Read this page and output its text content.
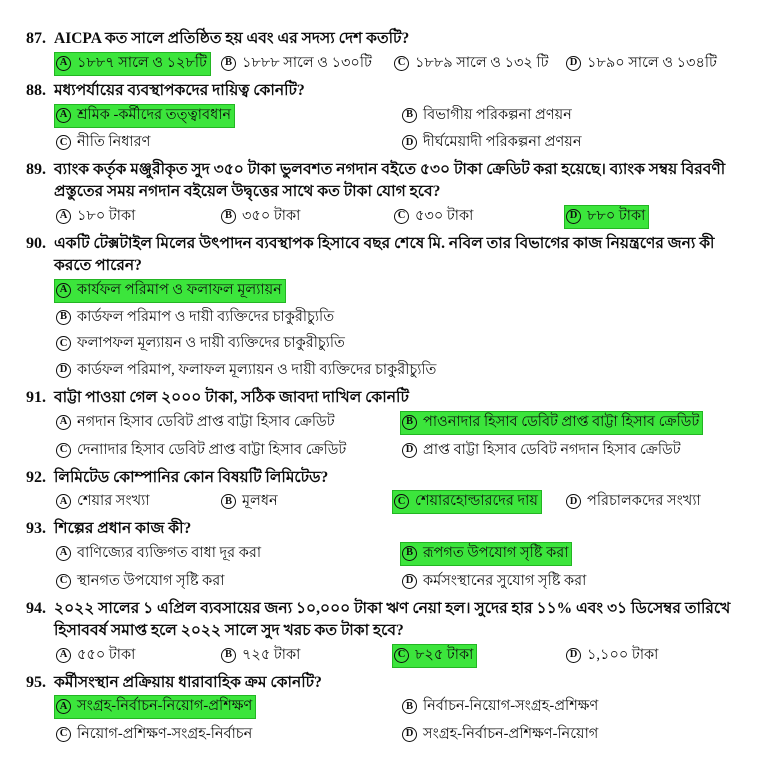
87. AICPA কত সালে প্রতিষ্ঠিত হয় এবং এর সদস্য দেশ কতটি?
A ১৮৮৭ সালে ও ১২৮টি	B ১৮৮৮ সালে ও ১৩০টি	C ১৮৮৯ সালে ও ১৩২ টি	D ১৮৯০ সালে ও ১৩৪টি
88. মধ্যপর্যায়ের ব্যবস্থাপকদের দায়িত্ব কোনটি?
A শ্রমিক -কর্মীদের তত্ত্বাবধান	B বিভাগীয় পরিকল্পনা প্রণয়ন
C নীতি নিধারণ	D দীর্ঘমেয়াদী পরিকল্পনা প্রণয়ন
89. ব্যাংক কর্তৃক মঞ্জুরীকৃত সুদ ৩৫০ টাকা ভুলবশত নগদান বইতে ৫৩০ টাকা ক্রেডিট করা হয়েছে। ব্যাংক সম্বয় বিরবণী প্রস্তুতের সময় নগদান বইয়েল উদ্বৃত্তের সাথে কত টাকা যোগ হবে?
A ১৮০ টাকা	B ৩৫০ টাকা	C ৫৩০ টাকা	D ৮৮০ টাকা
90. একটি টেক্সটাইল মিলের উৎপাদন ব্যবস্থাপক হিসাবে বছর শেষে মি. নবিল তার বিভাগের কাজ নিয়ন্ত্রণের জন্য কী করতে পারেন?
A কার্যফল পরিমাপ ও ফলাফল মূল্যায়ন
B কার্ডফল পরিমাপ ও দায়ী ব্যক্তিদের চাকুরীচ্যুতি
C ফলাপফল মূল্যায়ন ও দায়ী ব্যক্তিদের চাকুরীচ্যুতি
D কার্ডফল পরিমাপ, ফলাফল মূল্যায়ন ও দায়ী ব্যক্তিদের চাকুরীচ্যুতি
91. বাট্টা পাওয়া গেল ২০০০ টাকা, সঠিক জাবদা দাখিল কোনটি
A নগদান হিসাব ডেবিট প্রাপ্ত বাট্টা হিসাব ক্রেডিট	B পাওনাদার হিসাব ডেবিট প্রাপ্ত বাট্টা হিসাব ক্রেডিট
C দেনাাদার হিসাব ডেবিট প্রাপ্ত বাট্টা হিসাব ক্রেডিট	D প্রাপ্ত বাট্টা হিসাব ডেবিট নগদান হিসাব ক্রেডিট
92. লিমিটেড কোম্পানির কোন বিষয়টি লিমিটেড?
A শেয়ার সংখ্যা	B মূলধন	C শেয়ারহোল্ডারদের দায়	D পরিচালকদের সংখ্যা
93. শিল্পের প্রধান কাজ কী?
A বাণিজ্যের ব্যক্তিগত বাধা দূর করা	B রূপগত উপযোগ সৃষ্টি করা
C স্থানগত উপযোগ সৃষ্টি করা	D কর্মসংস্থানের সুযোগ সৃষ্টি করা
94. ২০২২ সালের ১ এপ্রিল ব্যবসায়ের জন্য ১০,০০০ টাকা ঋণ নেয়া হল। সুদের হার ১১% এবং ৩১ ডিসেম্বর তারিখে হিসাববর্ষ সমাপ্ত হলে ২০২২ সালে সুদ খরচ কত টাকা হবে?
A ৫৫০ টাকা	B ৭২৫ টাকা	C ৮২৫ টাকা	D ১,১০০ টাকা
95. কর্মীসংস্থান প্রক্রিয়ায় ধারাবাহিক ক্রম কোনটি?
A সংগ্রহ-নির্বাচন-নিয়োগ-প্রশিক্ষণ	B নির্বাচন-নিয়োগ-সংগ্রহ-প্রশিক্ষণ
C নিয়োগ-প্রশিক্ষণ-সংগ্রহ-নির্বাচন	D সংগ্রহ-নির্বাচন-প্রশিক্ষণ-নিয়োগ
